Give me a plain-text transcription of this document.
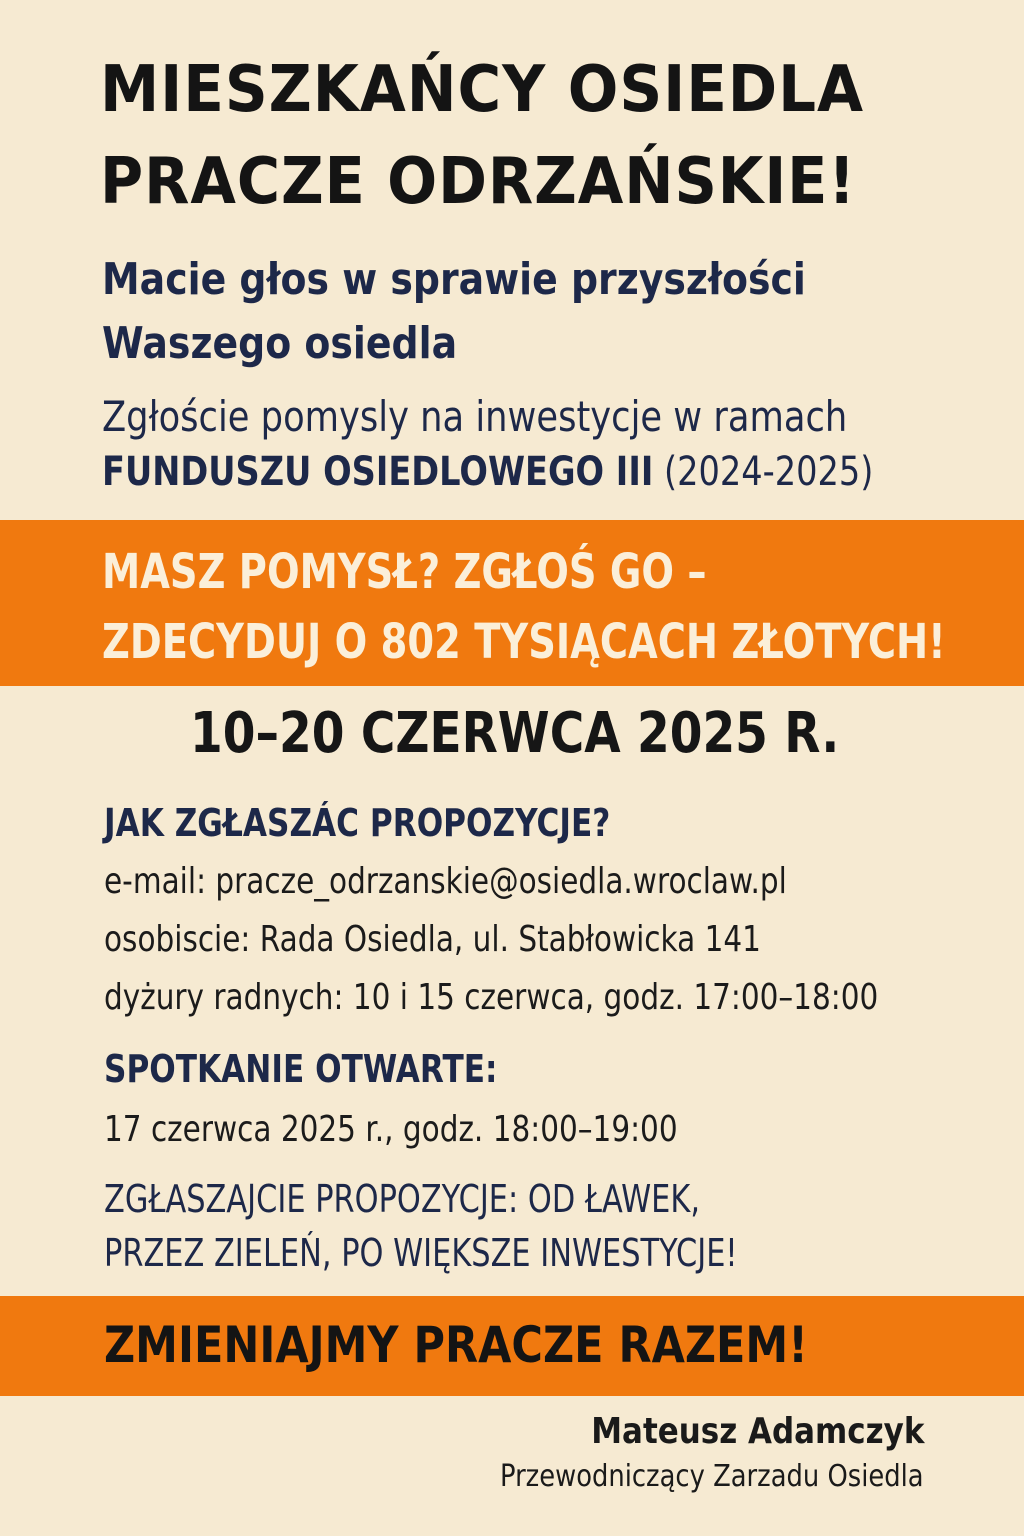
MIESZKAŃCY OSIEDLA
PRACZE ODRZAŃSKIE!
Macie głos w sprawie przyszłości
Waszego osiedla
Zgłoście pomysly na inwestycje w ramach
FUNDUSZU OSIEDLOWEGO III (2024-2025)
MASZ POMYSŁ? ZGŁOŚ GO –
ZDECYDUJ O 802 TYSIĄCACH ZŁOTYCH!
10–20 CZERWCA 2025 R.
JAK ZGŁASZÁC PROPOZYCJE?
e-mail: pracze_odrzanskie@osiedla.wroclaw.pl
osobiscie: Rada Osiedla, ul. Stabłowicka 141
dyżury radnych: 10 i 15 czerwca, godz. 17:00–18:00
SPOTKANIE OTWARTE:
17 czerwca 2025 r., godz. 18:00–19:00
ZGŁASZAJCIE PROPOZYCJE: OD ŁAWEK,
PRZEZ ZIELEŃ, PO WIĘKSZE INWESTYCJE!
ZMIENIAJMY PRACZE RAZEM!
Mateusz Adamczyk
Przewodniczący Zarzadu Osiedla
